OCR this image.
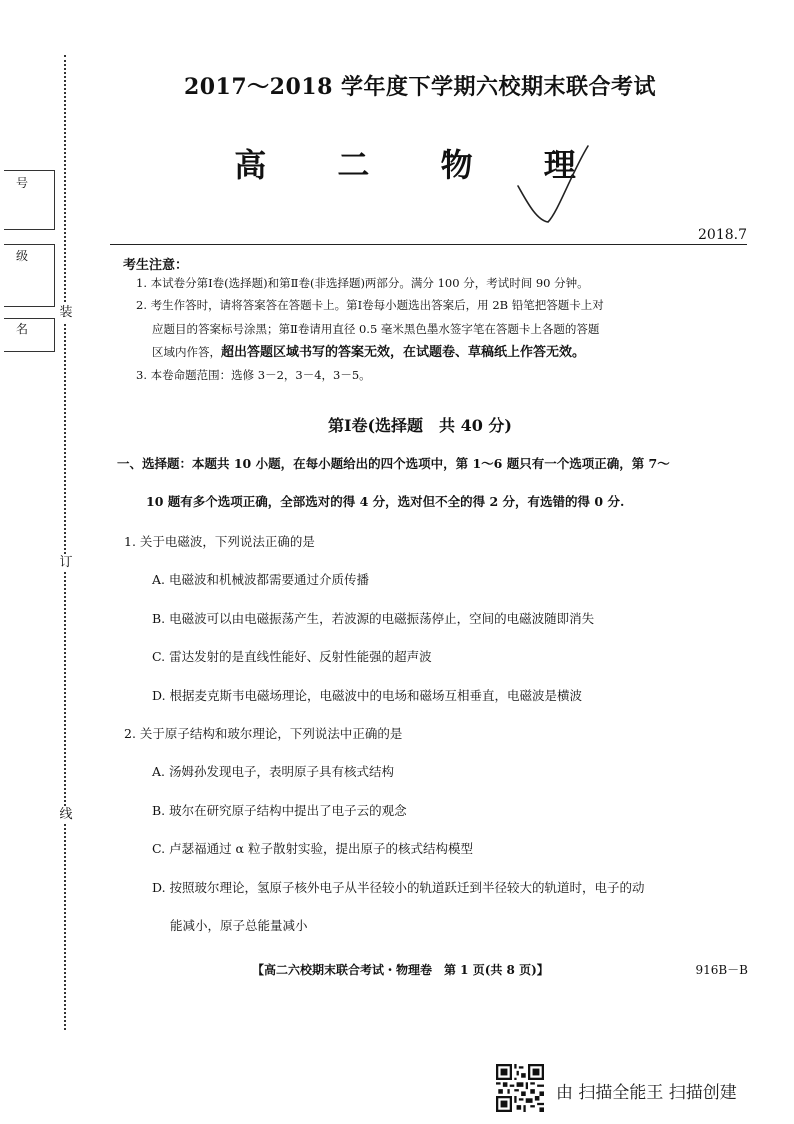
号
级
名
装
订
线
2017～2018 学年度下学期六校期末联合考试
高 二 物 理
2018.7
考生注意：
1. 本试卷分第Ⅰ卷(选择题)和第Ⅱ卷(非选择题)两部分。满分 100 分，考试时间 90 分钟。
2. 考生作答时，请将答案答在答题卡上。第Ⅰ卷每小题选出答案后，用 2B 铅笔把答题卡上对
应题目的答案标号涂黑；第Ⅱ卷请用直径 0.5 毫米黑色墨水签字笔在答题卡上各题的答题
区域内作答，超出答题区域书写的答案无效，在试题卷、草稿纸上作答无效。
3. 本卷命题范围：选修 3－2，3－4，3－5。
第Ⅰ卷(选择题　共 40 分)
一、选择题：本题共 10 小题，在每小题给出的四个选项中，第 1～6 题只有一个选项正确，第 7～
10 题有多个选项正确，全部选对的得 4 分，选对但不全的得 2 分，有选错的得 0 分.
1. 关于电磁波，下列说法正确的是
A. 电磁波和机械波都需要通过介质传播
B. 电磁波可以由电磁振荡产生，若波源的电磁振荡停止，空间的电磁波随即消失
C. 雷达发射的是直线性能好、反射性能强的超声波
D. 根据麦克斯韦电磁场理论，电磁波中的电场和磁场互相垂直，电磁波是横波
2. 关于原子结构和玻尔理论，下列说法中正确的是
A. 汤姆孙发现电子，表明原子具有核式结构
B. 玻尔在研究原子结构中提出了电子云的观念
C. 卢瑟福通过 α 粒子散射实验，提出原子的核式结构模型
D. 按照玻尔理论，氢原子核外电子从半径较小的轨道跃迁到半径较大的轨道时，电子的动
能减小，原子总能量减小
【高二六校期末联合考试・物理卷　第 1 页(共 8 页)】	916B－B
由 扫描全能王 扫描创建
